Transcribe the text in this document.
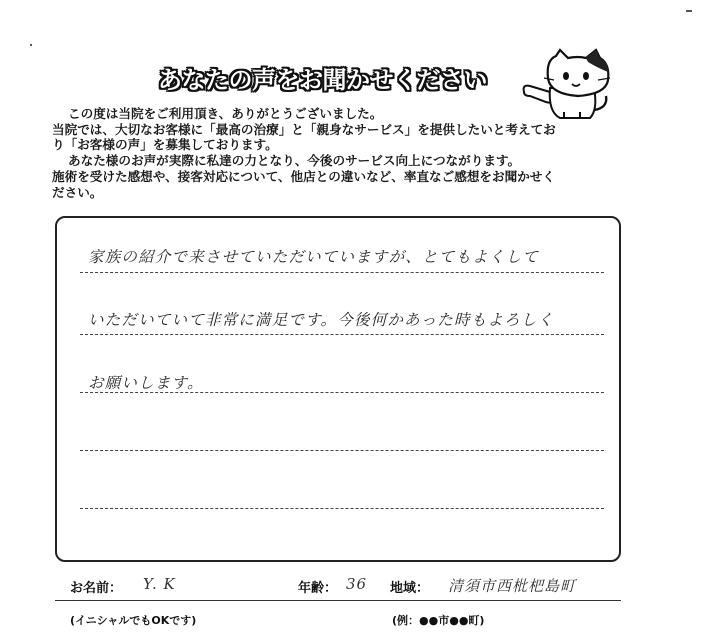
あなたの声をお聞かせください

この度は当院をご利用頂き、ありがとうございました。

当院では、大切なお客様に「最高の治療」と「親身なサービス」を提供したいと考えてお

り「お客様の声」を募集しております。

あなた様のお声が実際に私達の力となり、今後のサービス向上につながります。

施術を受けた感想や、接客対応について、他店との違いなど、率直なご感想をお聞かせく

ださい。

家族の紹介で来させていただいていますが、とてもよくして
いただいていて非常に満足です。今後何かあった時もよろしく
お願いします。
お名前： Y. K	年齢： 36 地域： 清須市西枇杷島町
(イニシャルでもOKです)	(例：●●市●●町)
